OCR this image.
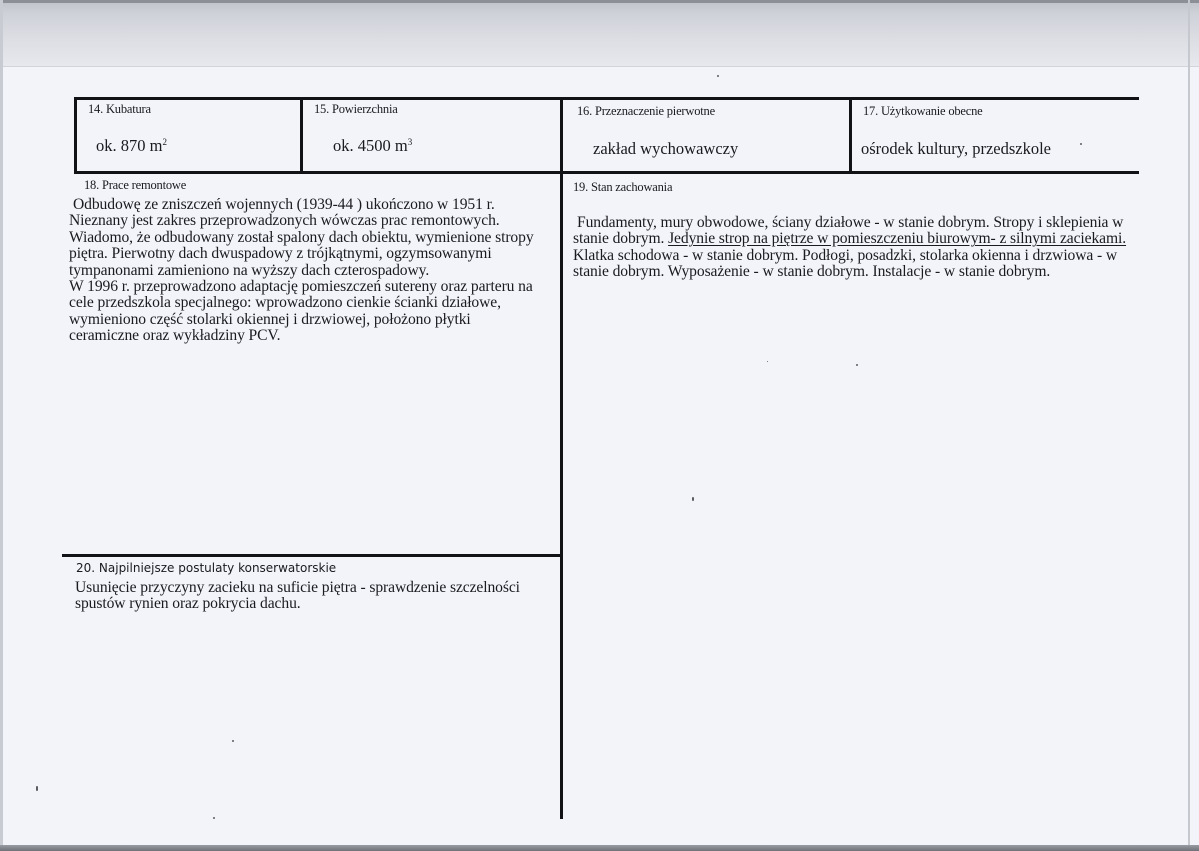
14. Kubatura
ok. 870 $m^2$
15. Powierzchnia
ok. 4500 $m^3$
16. Przeznaczenie pierwotne
zakład wychowawczy
17. Użytkowanie obecne
ośrodek kultury, przedszkole
18. Prace remontowe

Odbudowę ze zniszczeń wojennych (1939-44 ) ukończono w 1951 r. Nieznany jest zakres przeprowadzonych wówczas prac remontowych. Wiadomo, że odbudowany został spalony dach obiektu, wymienione stropy piętra. Pierwotny dach dwuspadowy z trójkątnymi, ogzymsowanymi tympanonami zamieniono na wyższy dach czterospadowy.

W 1996 r. przeprowadzono adaptację pomieszczeń sutereny oraz parteru na cele przedszkola specjalnego: wprowadzono cienkie ścianki działowe, wymieniono część stolarki okiennej i drzwiowej, położono płytki ceramiczne oraz wykładziny PCV.

19. Stan zachowania
Fundamenty, mury obwodowe, ściany działowe - w stanie dobrym. Stropy i sklepienia w stanie dobrym. Jedynie strop na piętrze w pomieszczeniu biurowym- z silnymi zaciekami. Klatka schodowa - w stanie dobrym. Podłogi, posadzki, stolarka okienna i drzwiowa - w stanie dobrym. Wyposażenie - w stanie dobrym. Instalacje - w stanie dobrym.
20. Najpilniejsze postulaty konserwatorskie
Usunięcie przyczyny zacieku na suficie piętra - sprawdzenie szczelności spustów rynien oraz pokrycia dachu.
